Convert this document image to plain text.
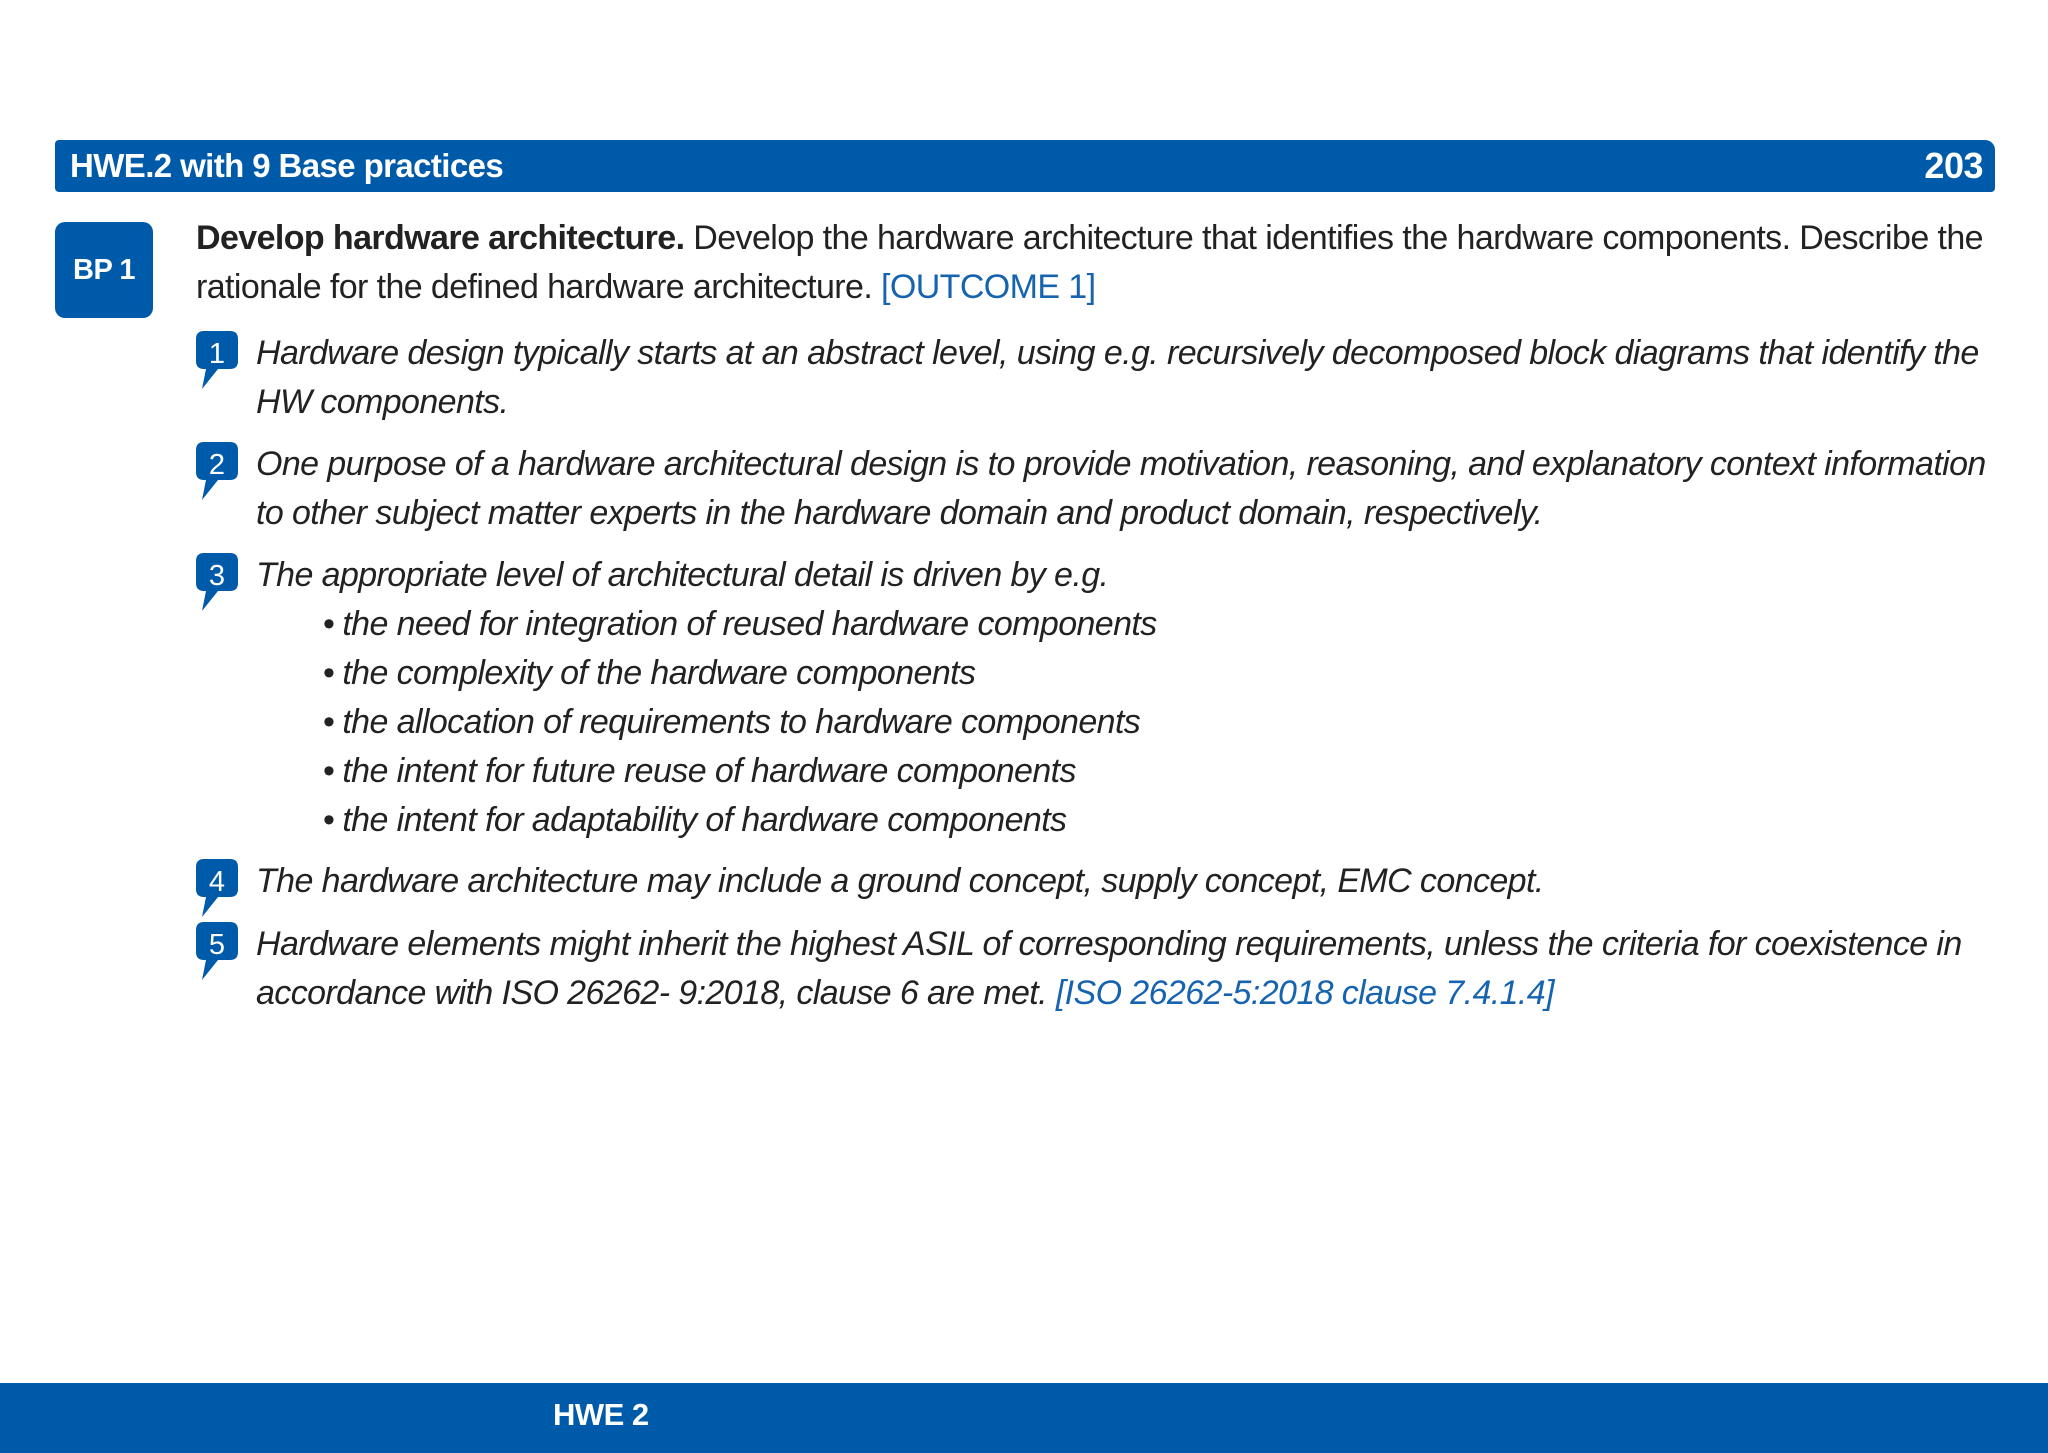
HWE.2 with 9 Base practices	203
BP 1
Develop hardware architecture. Develop the hardware architecture that identifies the hardware components. Describe the rationale for the defined hardware architecture. [OUTCOME 1]
1 Hardware design typically starts at an abstract level, using e.g. recursively decomposed block diagrams that identify the HW components.
2 One purpose of a hardware architectural design is to provide motivation, reasoning, and explanatory context information to other subject matter experts in the hardware domain and product domain, respectively.
3 The appropriate level of architectural detail is driven by e.g.
• the need for integration of reused hardware components
• the complexity of the hardware components
• the allocation of requirements to hardware components
• the intent for future reuse of hardware components
• the intent for adaptability of hardware components
4 The hardware architecture may include a ground concept, supply concept, EMC concept.
5 Hardware elements might inherit the highest ASIL of corresponding requirements, unless the criteria for coexistence in accordance with ISO 26262- 9:2018, clause 6 are met. [ISO 26262-5:2018 clause 7.4.1.4]
HWE 2
